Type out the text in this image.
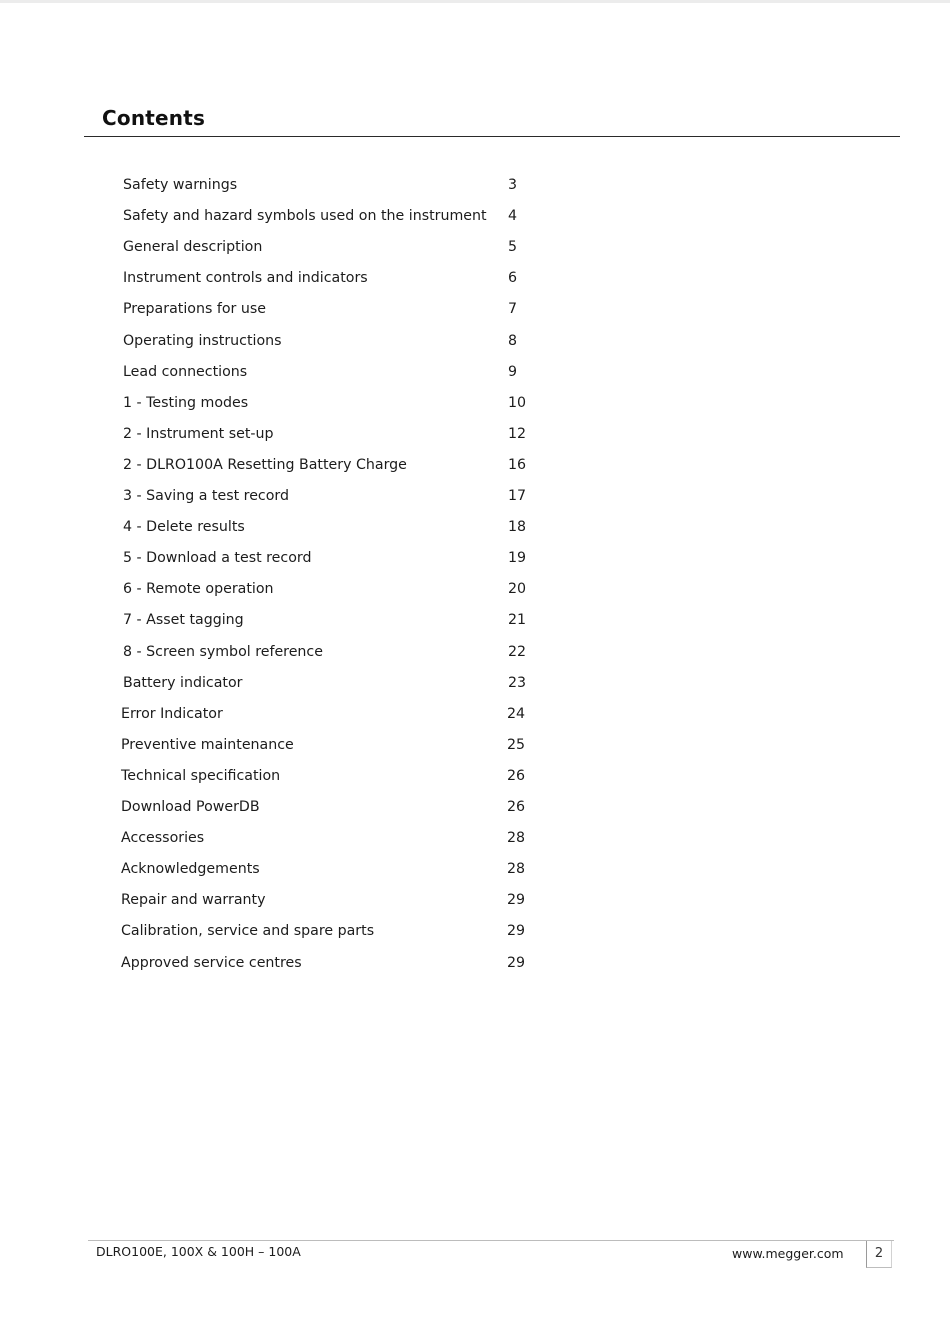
Contents
Safety warnings	3
Safety and hazard symbols used on the instrument 4
General description	5
Instrument controls and indicators	6
Preparations for use	7
Operating instructions	8
Lead connections	9
1 - Testing modes	10
2 - Instrument set-up	12
2 - DLRO100A Resetting Battery Charge	16
3 - Saving a test record	17
4 - Delete results	18
5 - Download a test record	19
6 - Remote operation	20
7 - Asset tagging	21
8 - Screen symbol reference	22
Battery indicator	23
Error Indicator	24
Preventive maintenance	25
Technical specification	26
Download PowerDB	26
Accessories	28
Acknowledgements	28
Repair and warranty	29
Calibration, service and spare parts	29
Approved service centres	29
DLRO100E, 100X & 100H – 100A	www.megger.com	2
